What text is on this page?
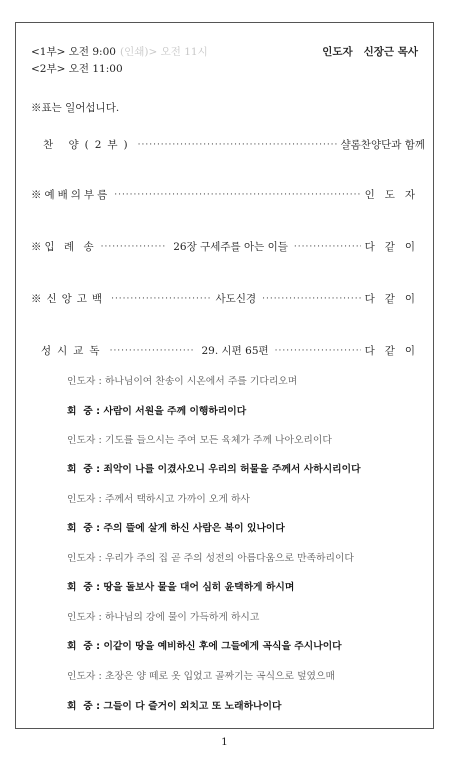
<1부> 오전 9:00 (인쇄)> 오전 11시
<2부> 오전 11:00
인도자   신장근 목사
※표는 일어섭니다.
찬 양(2부) ·····	샬롬찬양단과 함께
※예배의부름 ·····	인도자
※입 례 송 ·····	26장 구세주를 아는 이들 ·····	다같이
※신앙고백 ·····	사도신경 ·····	다같이
성시교독 ·····	29. 시편 65편 ·····	다같이
인도자 : 하나님이여 찬송이 시온에서 주를 기다리오며
회  중 : 사람이 서원을 주께 이행하리이다
인도자 : 기도를 들으시는 주여 모든 육체가 주께 나아오리이다
회  중 : 죄악이 나를 이겼사오니 우리의 허물을 주께서 사하시리이다
인도자 : 주께서 택하시고 가까이 오게 하사
회  중 : 주의 뜰에 살게 하신 사람은 복이 있나이다
인도자 : 우리가 주의 집 곧 주의 성전의 아름다움으로 만족하리이다
회  중 : 땅을 돌보사 물을 대어 심히 윤택하게 하시며
인도자 : 하나님의 강에 물이 가득하게 하시고
회  중 : 이같이 땅을 예비하신 후에 그들에게 곡식을 주시나이다
인도자 : 초장은 양 떼로 옷 입었고 골짜기는 곡식으로 덮였으매
회  중 : 그들이 다 즐거이 외치고 또 노래하나이다
1
